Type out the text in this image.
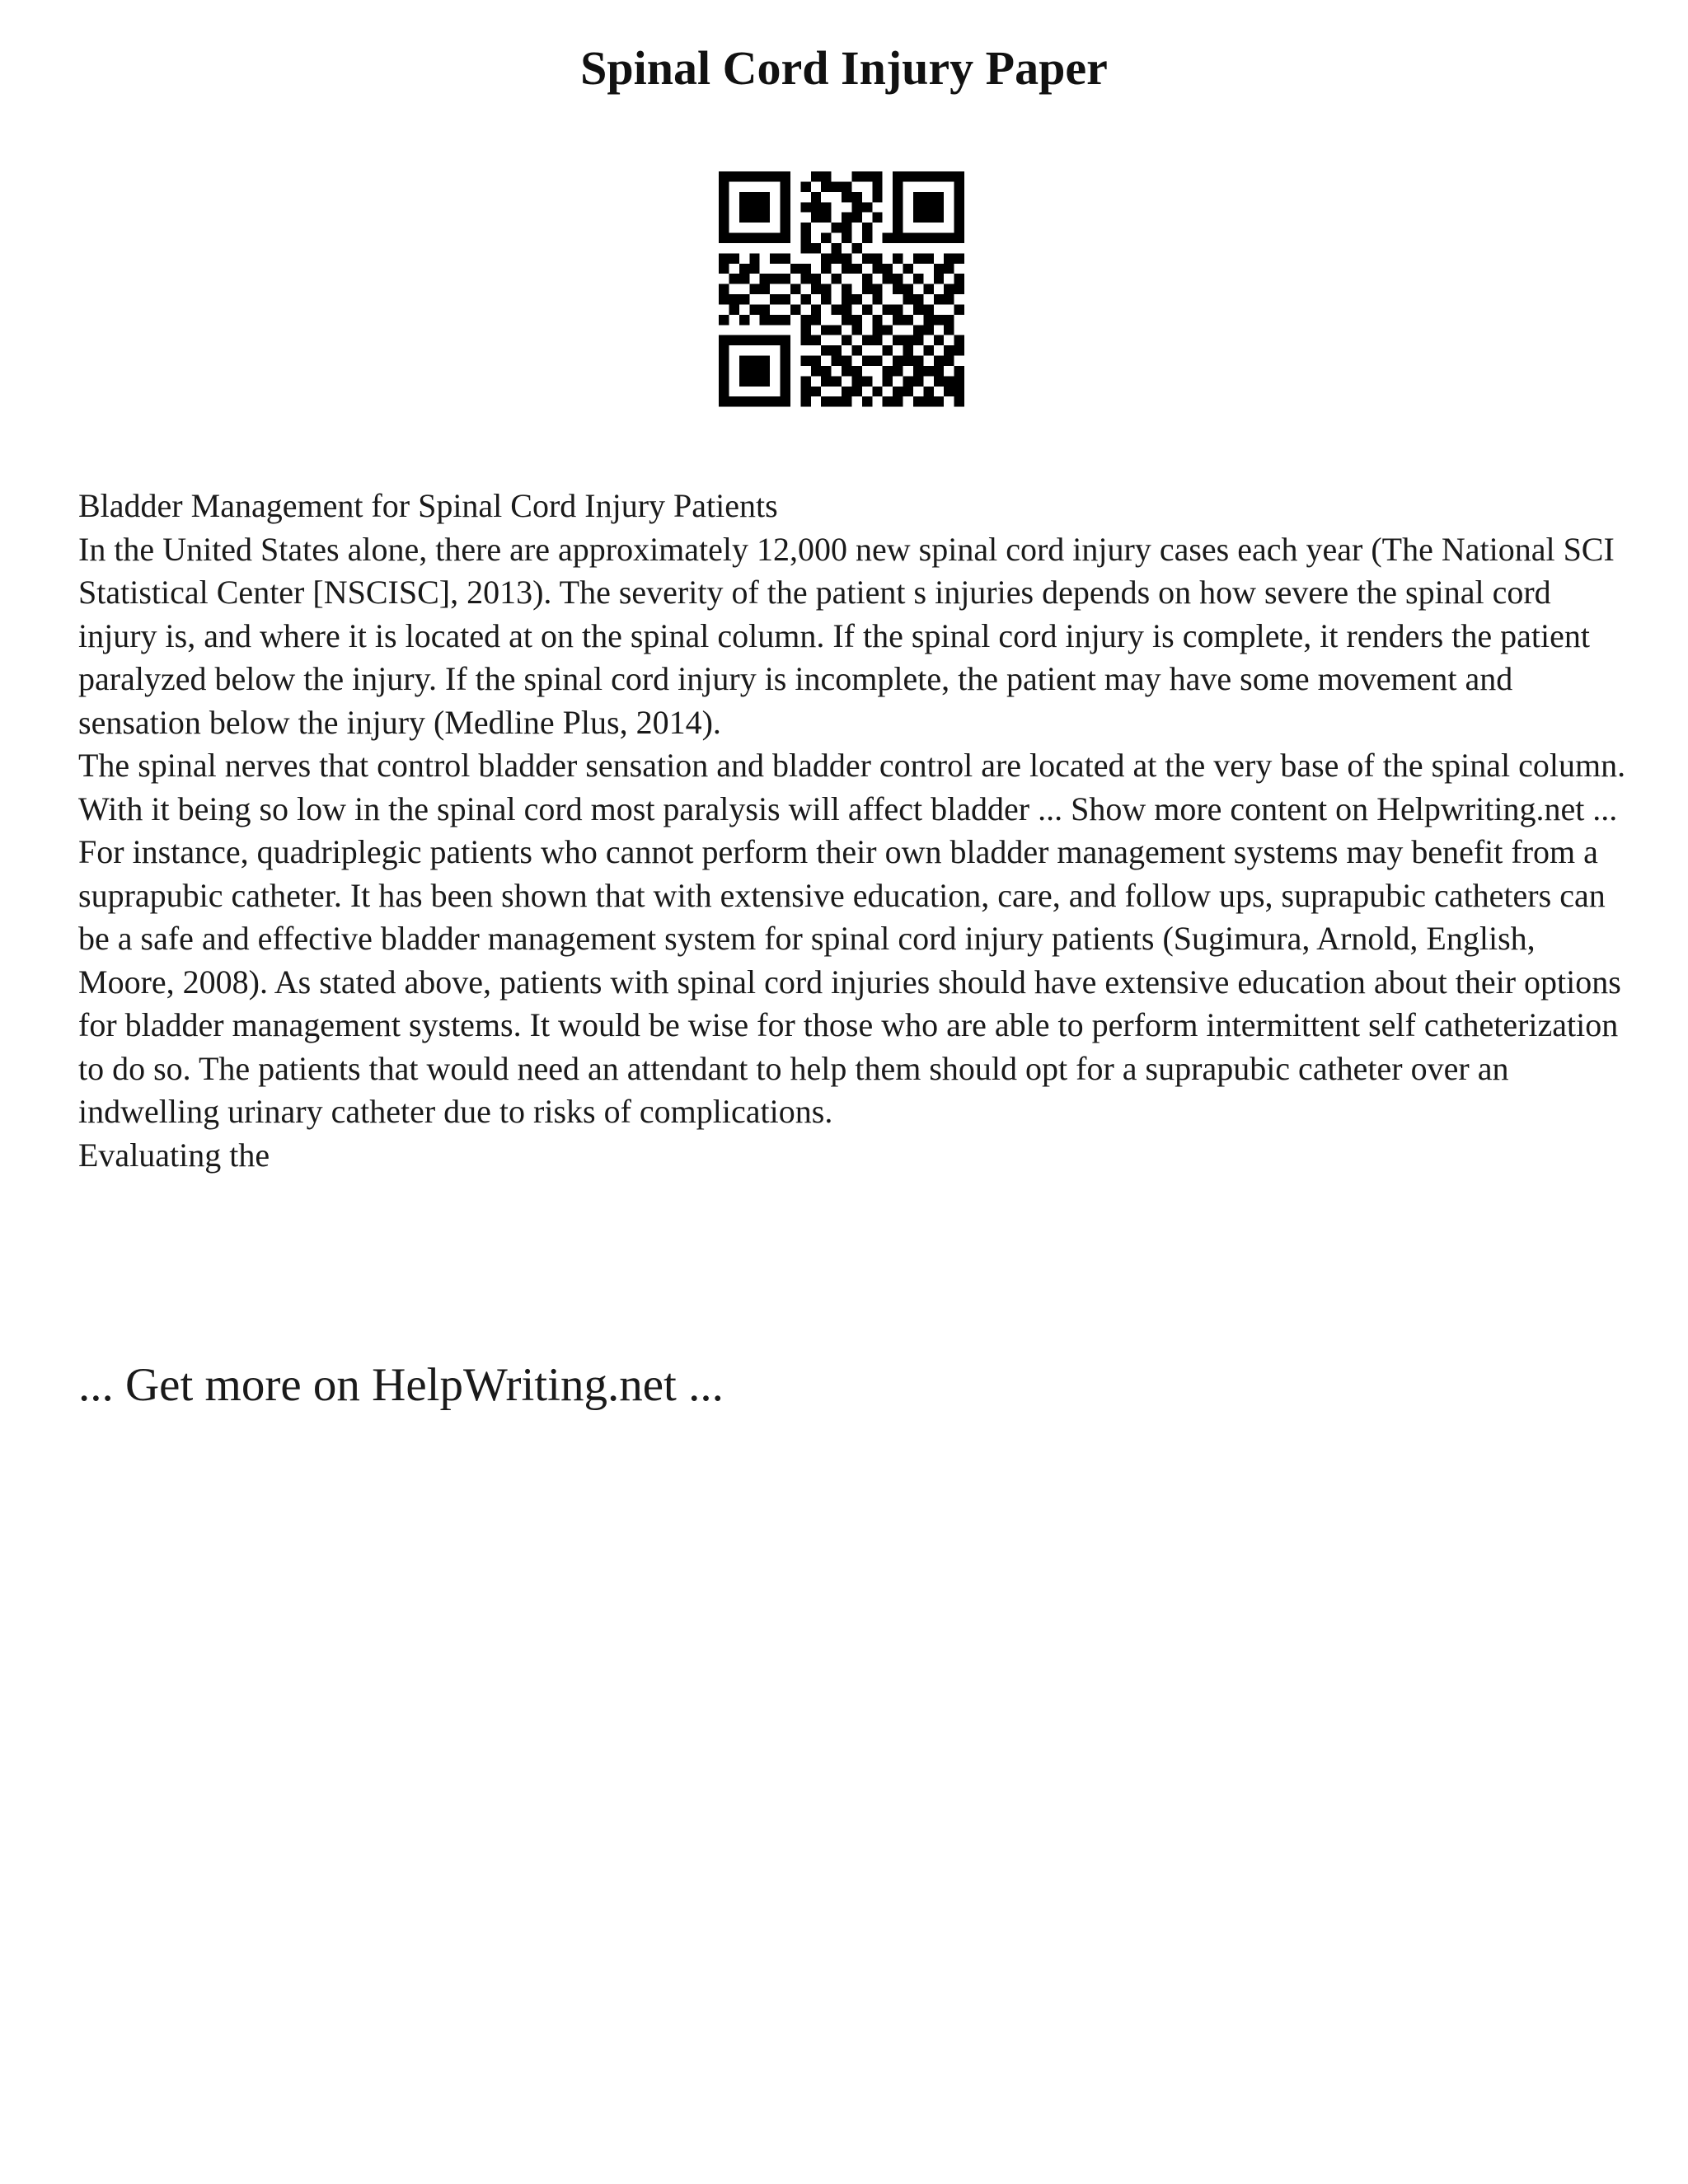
Spinal Cord Injury Paper

Bladder Management for Spinal Cord Injury Patients

In the United States alone, there are approximately 12,000 new spinal cord injury cases each year (The National SCI Statistical Center [NSCISC], 2013). The severity of the patient s injuries depends on how severe the spinal cord injury is, and where it is located at on the spinal column. If the spinal cord injury is complete, it renders the patient paralyzed below the injury. If the spinal cord injury is incomplete, the patient may have some movement and sensation below the injury (Medline Plus, 2014).

The spinal nerves that control bladder sensation and bladder control are located at the very base of the spinal column. With it being so low in the spinal cord most paralysis will affect bladder ... Show more content on Helpwriting.net ...

For instance, quadriplegic patients who cannot perform their own bladder management systems may benefit from a suprapubic catheter. It has been shown that with extensive education, care, and follow ups, suprapubic catheters can be a safe and effective bladder management system for spinal cord injury patients (Sugimura, Arnold, English, Moore, 2008). As stated above, patients with spinal cord injuries should have extensive education about their options for bladder management systems. It would be wise for those who are able to perform intermittent self catheterization to do so. The patients that would need an attendant to help them should opt for a suprapubic catheter over an indwelling urinary catheter due to risks of complications.

Evaluating the

... Get more on HelpWriting.net ...
